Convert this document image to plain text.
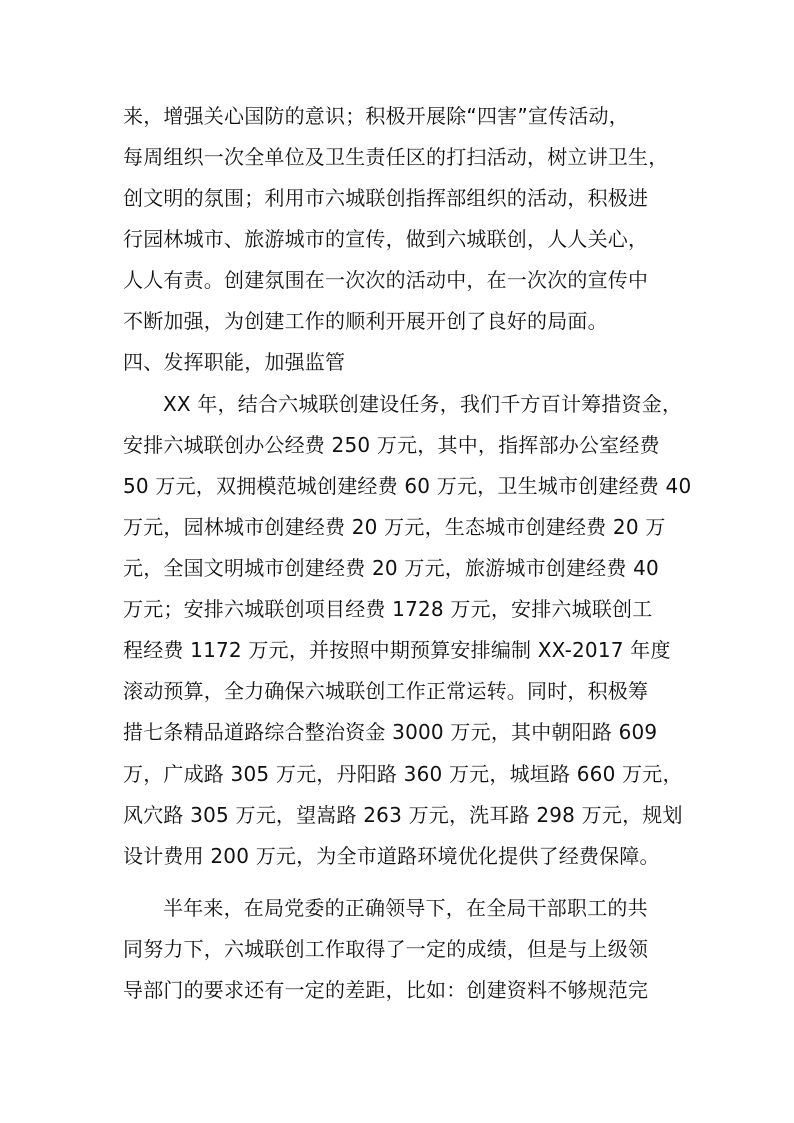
来，增强关心国防的意识；积极开展除“四害”宣传活动，
每周组织一次全单位及卫生责任区的打扫活动，树立讲卫生，
创文明的氛围；利用市六城联创指挥部组织的活动，积极进
行园林城市、旅游城市的宣传，做到六城联创，人人关心，
人人有责。创建氛围在一次次的活动中，在一次次的宣传中
不断加强，为创建工作的顺利开展开创了良好的局面。
四、发挥职能，加强监管
XX 年，结合六城联创建设任务，我们千方百计筹措资金，
安排六城联创办公经费 250 万元，其中，指挥部办公室经费
50 万元，双拥模范城创建经费 60 万元，卫生城市创建经费 40
万元，园林城市创建经费 20 万元，生态城市创建经费 20 万
元，全国文明城市创建经费 20 万元，旅游城市创建经费 40
万元；安排六城联创项目经费 1728 万元，安排六城联创工
程经费 1172 万元，并按照中期预算安排编制 XX-2017 年度
滚动预算，全力确保六城联创工作正常运转。同时，积极筹
措七条精品道路综合整治资金 3000 万元，其中朝阳路 609
万，广成路 305 万元，丹阳路 360 万元，城垣路 660 万元，
风穴路 305 万元，望嵩路 263 万元，洗耳路 298 万元，规划
设计费用 200 万元，为全市道路环境优化提供了经费保障。
半年来，在局党委的正确领导下，在全局干部职工的共
同努力下，六城联创工作取得了一定的成绩，但是与上级领
导部门的要求还有一定的差距，比如：创建资料不够规范完
